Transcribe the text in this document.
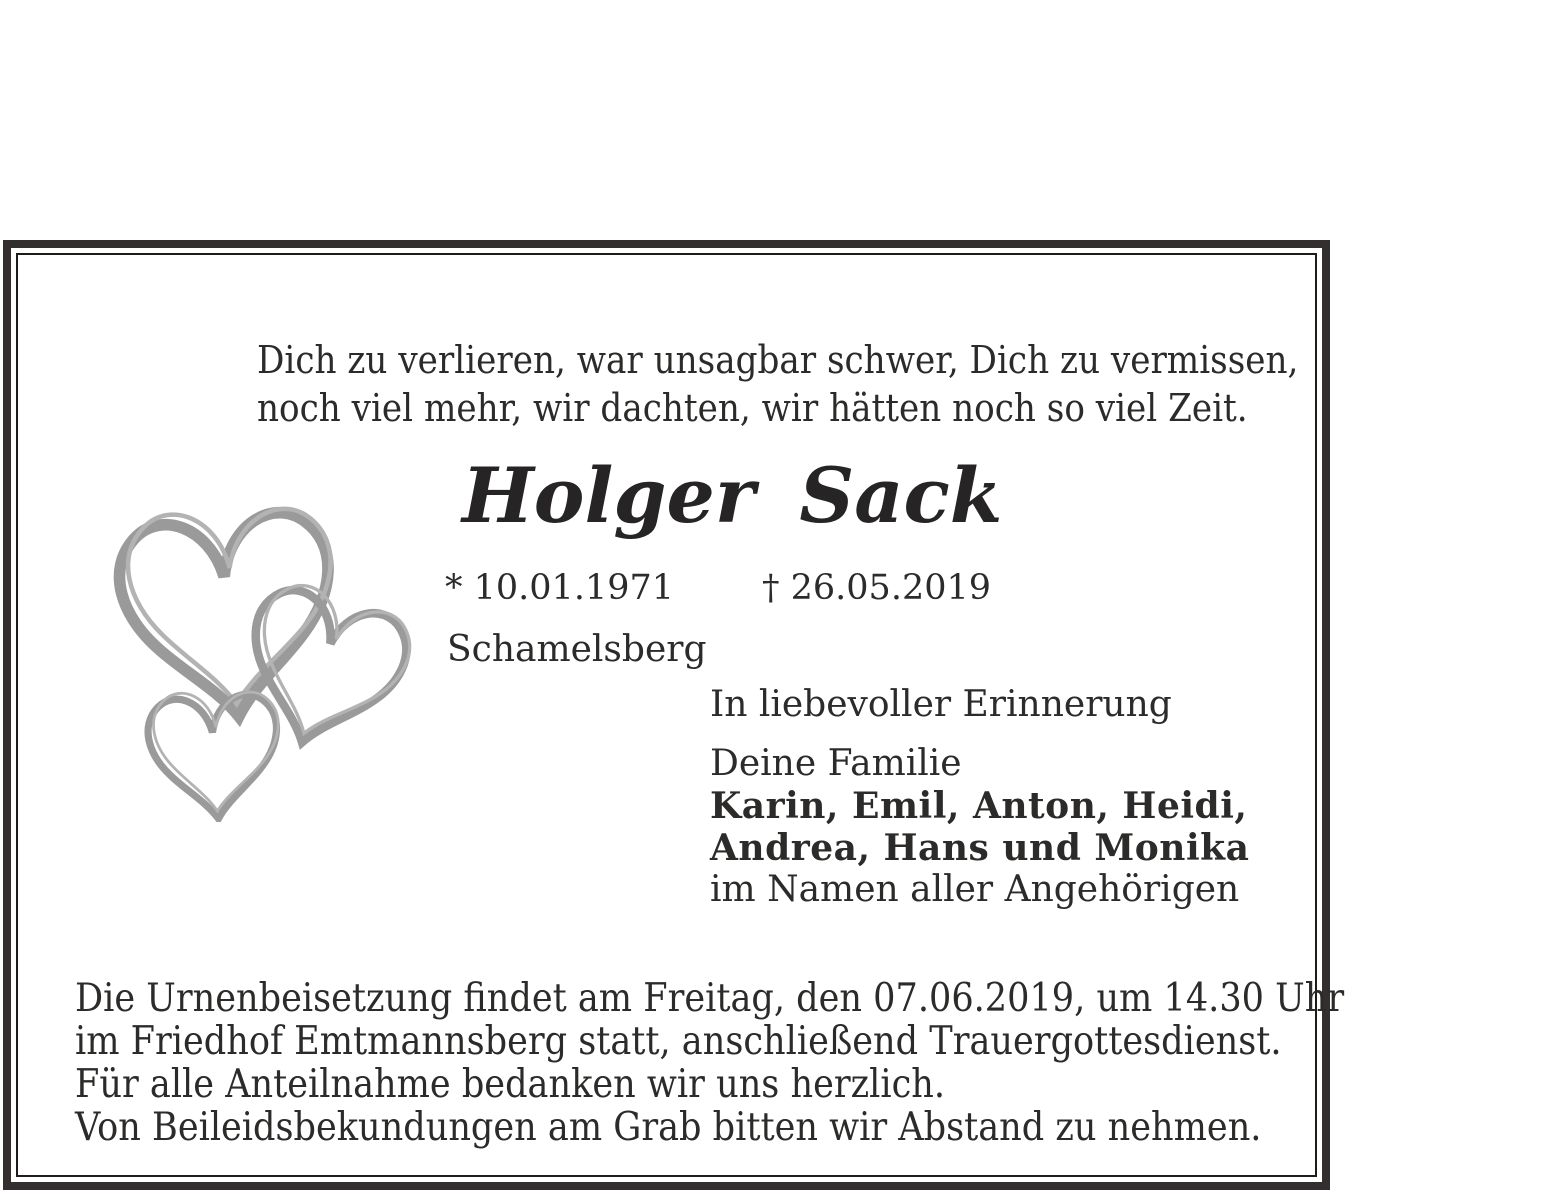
Dich zu verlieren, war unsagbar schwer, Dich zu vermissen,
noch viel mehr, wir dachten, wir hätten noch so viel Zeit.
Holger Sack
* 10.01.1971	† 26.05.2019
Schamelsberg
In liebevoller Erinnerung
Deine Familie
Karin, Emil, Anton, Heidi,
Andrea, Hans und Monika
im Namen aller Angehörigen
Die Urnenbeisetzung findet am Freitag, den 07.06.2019, um 14.30 Uhr
im Friedhof Emtmannsberg statt, anschließend Trauergottesdienst.
Für alle Anteilnahme bedanken wir uns herzlich.
Von Beileidsbekundungen am Grab bitten wir Abstand zu nehmen.
